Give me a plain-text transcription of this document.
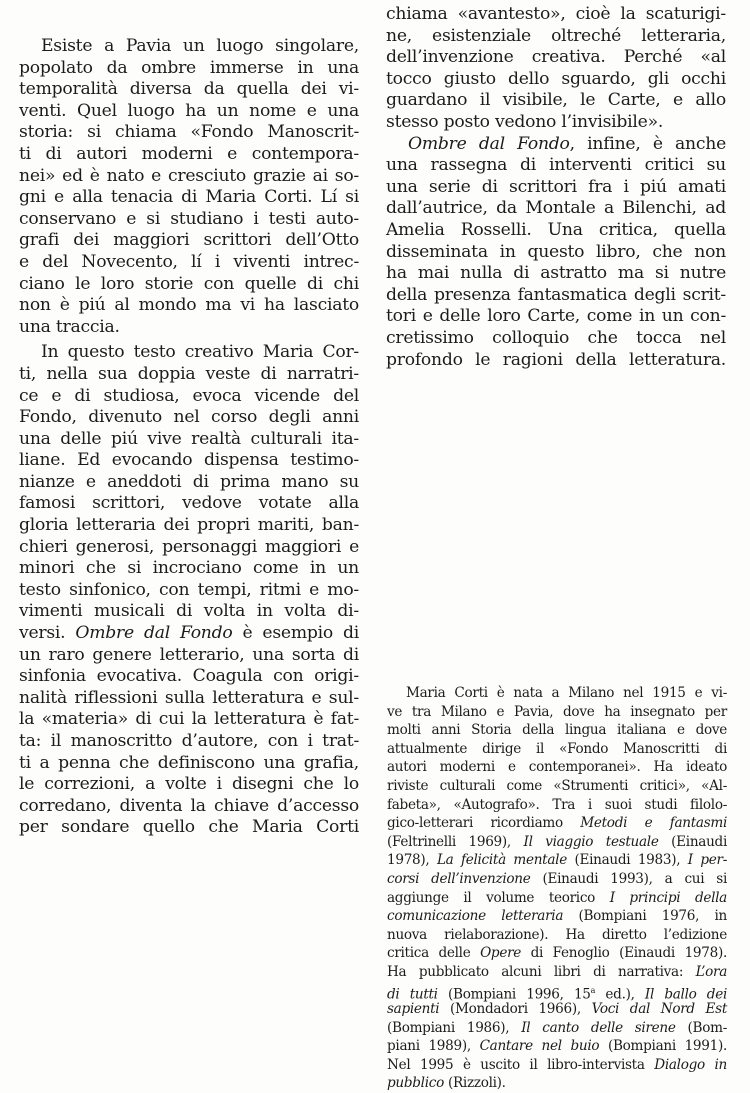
Esiste a Pavia un luogo singolare,
popolato da ombre immerse in una
temporalità diversa da quella dei vi-
venti. Quel luogo ha un nome e una
storia: si chiama «Fondo Manoscrit-
ti di autori moderni e contempora-
nei» ed è nato e cresciuto grazie ai so-
gni e alla tenacia di Maria Corti. Lí si
conservano e si studiano i testi auto-
grafi dei maggiori scrittori dell’Otto
e del Novecento, lí i viventi intrec-
ciano le loro storie con quelle di chi
non è piú al mondo ma vi ha lasciato
una traccia.
In questo testo creativo Maria Cor-
ti, nella sua doppia veste di narratri-
ce e di studiosa, evoca vicende del
Fondo, divenuto nel corso degli anni
una delle piú vive realtà culturali ita-
liane. Ed evocando dispensa testimo-
nianze e aneddoti di prima mano su
famosi scrittori, vedove votate alla
gloria letteraria dei propri mariti, ban-
chieri generosi, personaggi maggiori e
minori che si incrociano come in un
testo sinfonico, con tempi, ritmi e mo-
vimenti musicali di volta in volta di-
versi. Ombre dal Fondo è esempio di
un raro genere letterario, una sorta di
sinfonia evocativa. Coagula con origi-
nalità riflessioni sulla letteratura e sul-
la «materia» di cui la letteratura è fat-
ta: il manoscritto d’autore, con i trat-
ti a penna che definiscono una grafia,
le correzioni, a volte i disegni che lo
corredano, diventa la chiave d’accesso
per sondare quello che Maria Corti
chiama «avantesto», cioè la scaturigi-
ne, esistenziale oltreché letteraria,
dell’invenzione creativa. Perché «al
tocco giusto dello sguardo, gli occhi
guardano il visibile, le Carte, e allo
stesso posto vedono l’invisibile».
Ombre dal Fondo, infine, è anche
una rassegna di interventi critici su
una serie di scrittori fra i piú amati
dall’autrice, da Montale a Bilenchi, ad
Amelia Rosselli. Una critica, quella
disseminata in questo libro, che non
ha mai nulla di astratto ma si nutre
della presenza fantasmatica degli scrit-
tori e delle loro Carte, come in un con-
cretissimo colloquio che tocca nel
profondo le ragioni della letteratura.
Maria Corti è nata a Milano nel 1915 e vi-
ve tra Milano e Pavia, dove ha insegnato per
molti anni Storia della lingua italiana e dove
attualmente dirige il «Fondo Manoscritti di
autori moderni e contemporanei». Ha ideato
riviste culturali come «Strumenti critici», «Al-
fabeta», «Autografo». Tra i suoi studi filolo-
gico-letterari ricordiamo Metodi e fantasmi
(Feltrinelli 1969), Il viaggio testuale (Einaudi
1978), La felicità mentale (Einaudi 1983), I per-
corsi dell’invenzione (Einaudi 1993), a cui si
aggiunge il volume teorico I principi della
comunicazione letteraria (Bompiani 1976, in
nuova rielaborazione). Ha diretto l’edizione
critica delle Opere di Fenoglio (Einaudi 1978).
Ha pubblicato alcuni libri di narrativa: L’ora
di tutti (Bompiani 1996, 15$^a$ ed.), Il ballo dei
sapienti (Mondadori 1966), Voci dal Nord Est
(Bompiani 1986), Il canto delle sirene (Bom-
piani 1989), Cantare nel buio (Bompiani 1991).
Nel 1995 è uscito il libro-intervista Dialogo in
pubblico (Rizzoli).
